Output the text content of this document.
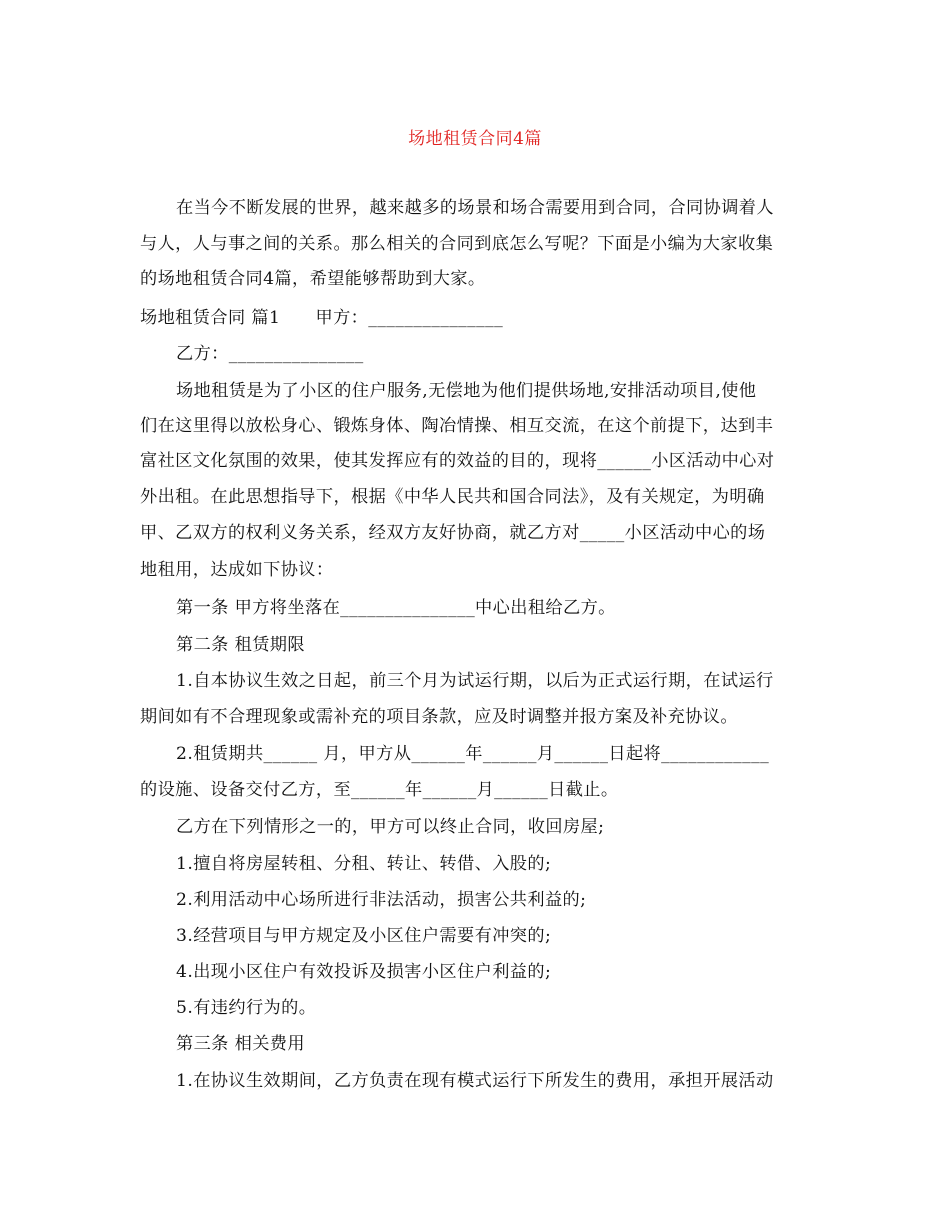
场地租赁合同4篇
在当今不断发展的世界，越来越多的场景和场合需要用到合同，合同协调着人
与人，人与事之间的关系。那么相关的合同到底怎么写呢？下面是小编为大家收集
的场地租赁合同4篇，希望能够帮助到大家。
场地租赁合同 篇1　　甲方：_______________
乙方：_______________
场地租赁是为了小区的住户服务,无偿地为他们提供场地,安排活动项目,使他
们在这里得以放松身心、锻炼身体、陶冶情操、相互交流，在这个前提下，达到丰
富社区文化氛围的效果，使其发挥应有的效益的目的，现将______小区活动中心对
外出租。在此思想指导下，根据《中华人民共和国合同法》，及有关规定，为明确
甲、乙双方的权利义务关系，经双方友好协商，就乙方对_____小区活动中心的场
地租用，达成如下协议：
第一条 甲方将坐落在_______________中心出租给乙方。
第二条 租赁期限
1.自本协议生效之日起，前三个月为试运行期，以后为正式运行期，在试运行
期间如有不合理现象或需补充的项目条款，应及时调整并报方案及补充协议。
2.租赁期共______ 月，甲方从______年______月______日起将____________
的设施、设备交付乙方，至______年______月______日截止。
乙方在下列情形之一的，甲方可以终止合同，收回房屋;
1.擅自将房屋转租、分租、转让、转借、入股的;
2.利用活动中心场所进行非法活动，损害公共利益的;
3.经营项目与甲方规定及小区住户需要有冲突的;
4.出现小区住户有效投诉及损害小区住户利益的;
5.有违约行为的。
第三条 相关费用
1.在协议生效期间，乙方负责在现有模式运行下所发生的费用，承担开展活动
